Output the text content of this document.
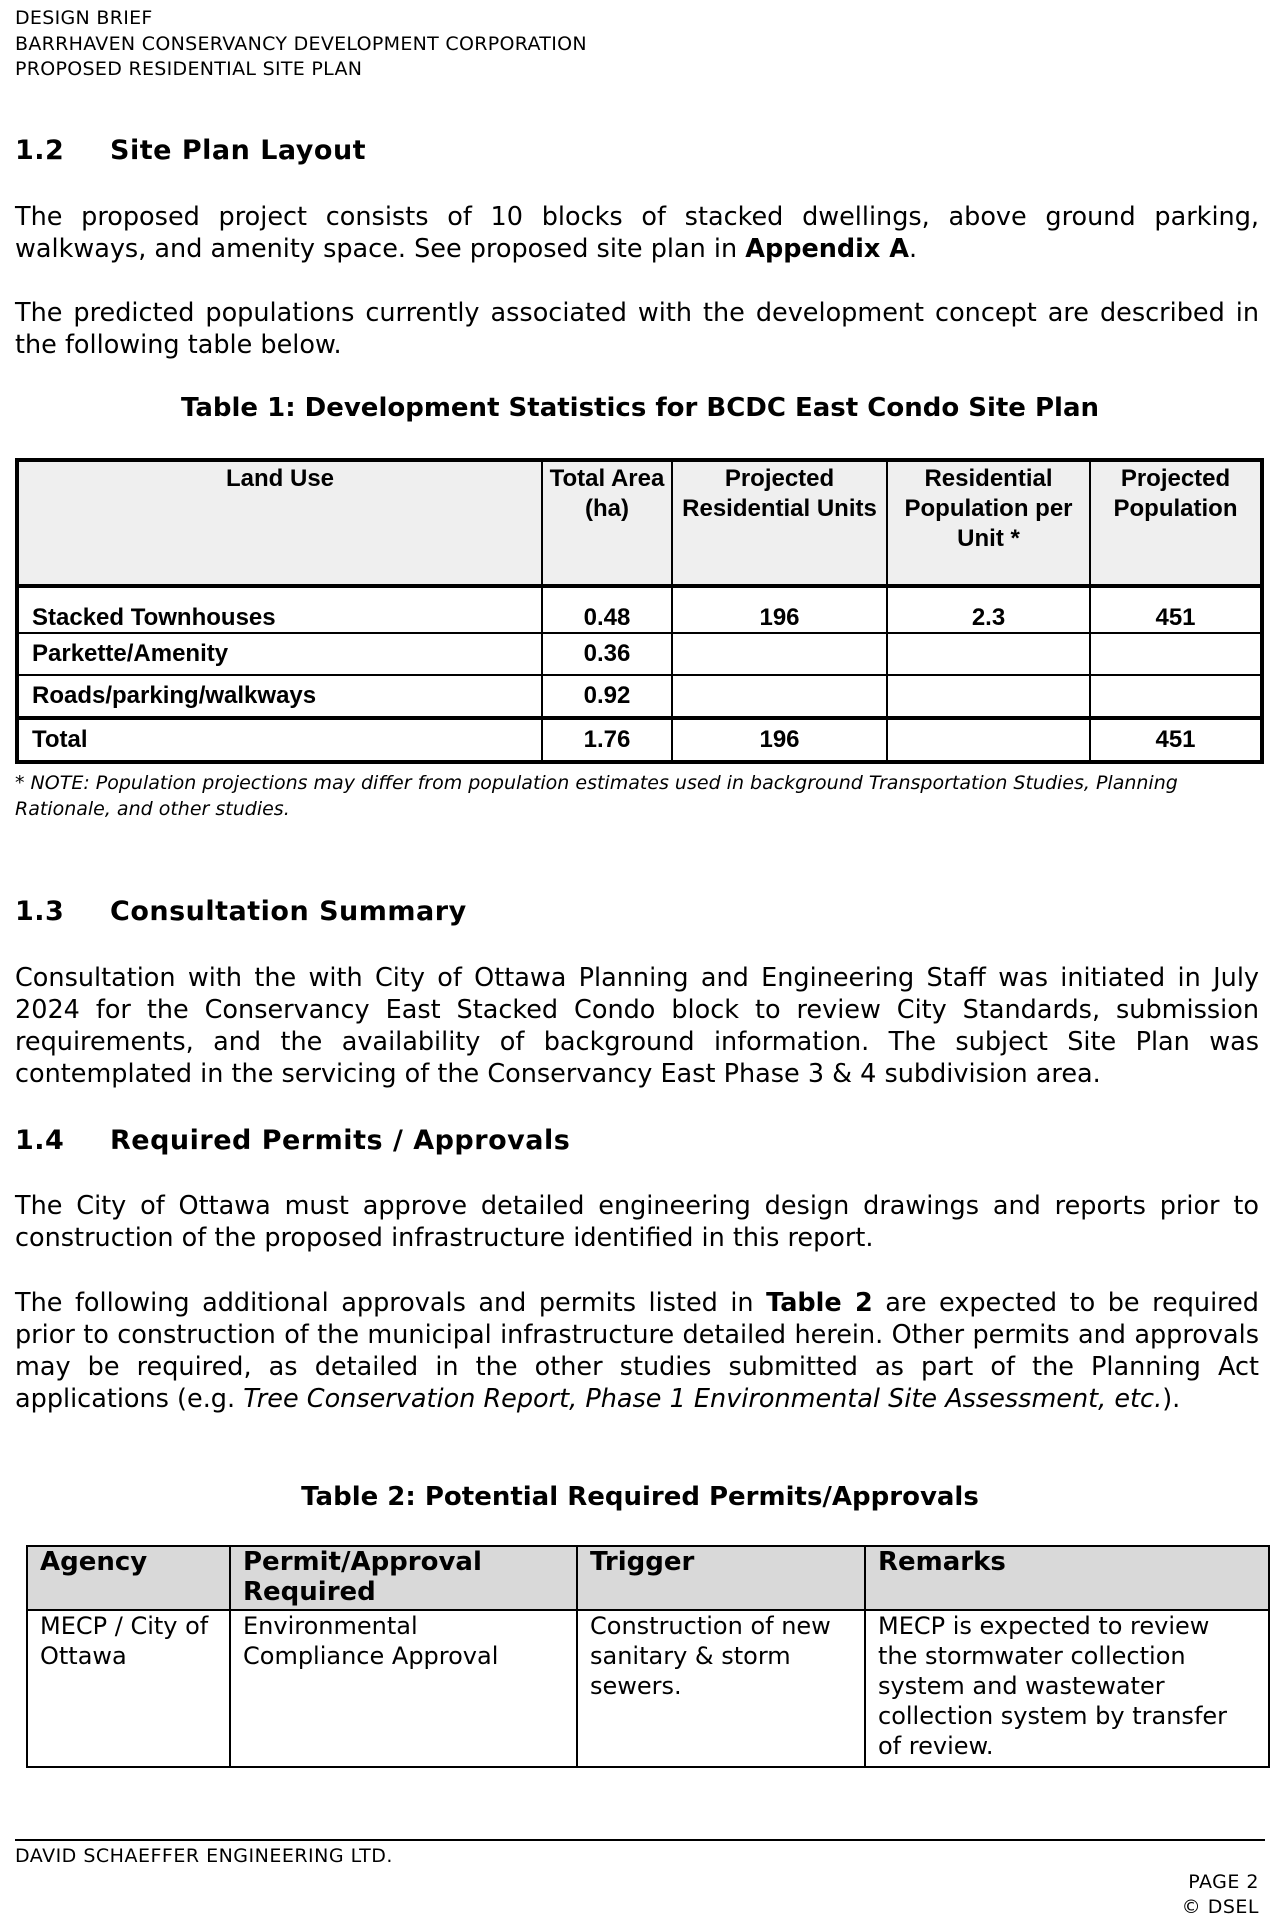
DESIGN BRIEF
BARRHAVEN CONSERVANCY DEVELOPMENT CORPORATION
PROPOSED RESIDENTIAL SITE PLAN
1.2 Site Plan Layout
The proposed project consists of 10 blocks of stacked dwellings, above ground parking, walkways, and amenity space. See proposed site plan in Appendix A.
The predicted populations currently associated with the development concept are described in the following table below.
Table 1: Development Statistics for BCDC East Condo Site Plan
Land Use	Total Area (ha)	Projected Residential Units	Residential Population per Unit *	Projected Population
Stacked Townhouses	0.48	196	2.3	451
Parkette/Amenity	0.36			
Roads/parking/walkways	0.92			
Total	1.76	196		451
* NOTE: Population projections may differ from population estimates used in background Transportation Studies, Planning Rationale, and other studies.
1.3 Consultation Summary
Consultation with the with City of Ottawa Planning and Engineering Staff was initiated in July 2024 for the Conservancy East Stacked Condo block to review City Standards, submission requirements, and the availability of background information. The subject Site Plan was contemplated in the servicing of the Conservancy East Phase 3 & 4 subdivision area.
1.4 Required Permits / Approvals
The City of Ottawa must approve detailed engineering design drawings and reports prior to construction of the proposed infrastructure identified in this report.
The following additional approvals and permits listed in Table 2 are expected to be required prior to construction of the municipal infrastructure detailed herein. Other permits and approvals may be required, as detailed in the other studies submitted as part of the Planning Act applications (e.g. Tree Conservation Report, Phase 1 Environmental Site Assessment, etc.).
Table 2: Potential Required Permits/Approvals
Agency	Permit/Approval Required	Trigger	Remarks
MECP / City of Ottawa	Environmental Compliance Approval	Construction of new sanitary & storm sewers.	MECP is expected to review the stormwater collection system and wastewater collection system by transfer of review.
DAVID SCHAEFFER ENGINEERING LTD.
PAGE 2
© DSEL
